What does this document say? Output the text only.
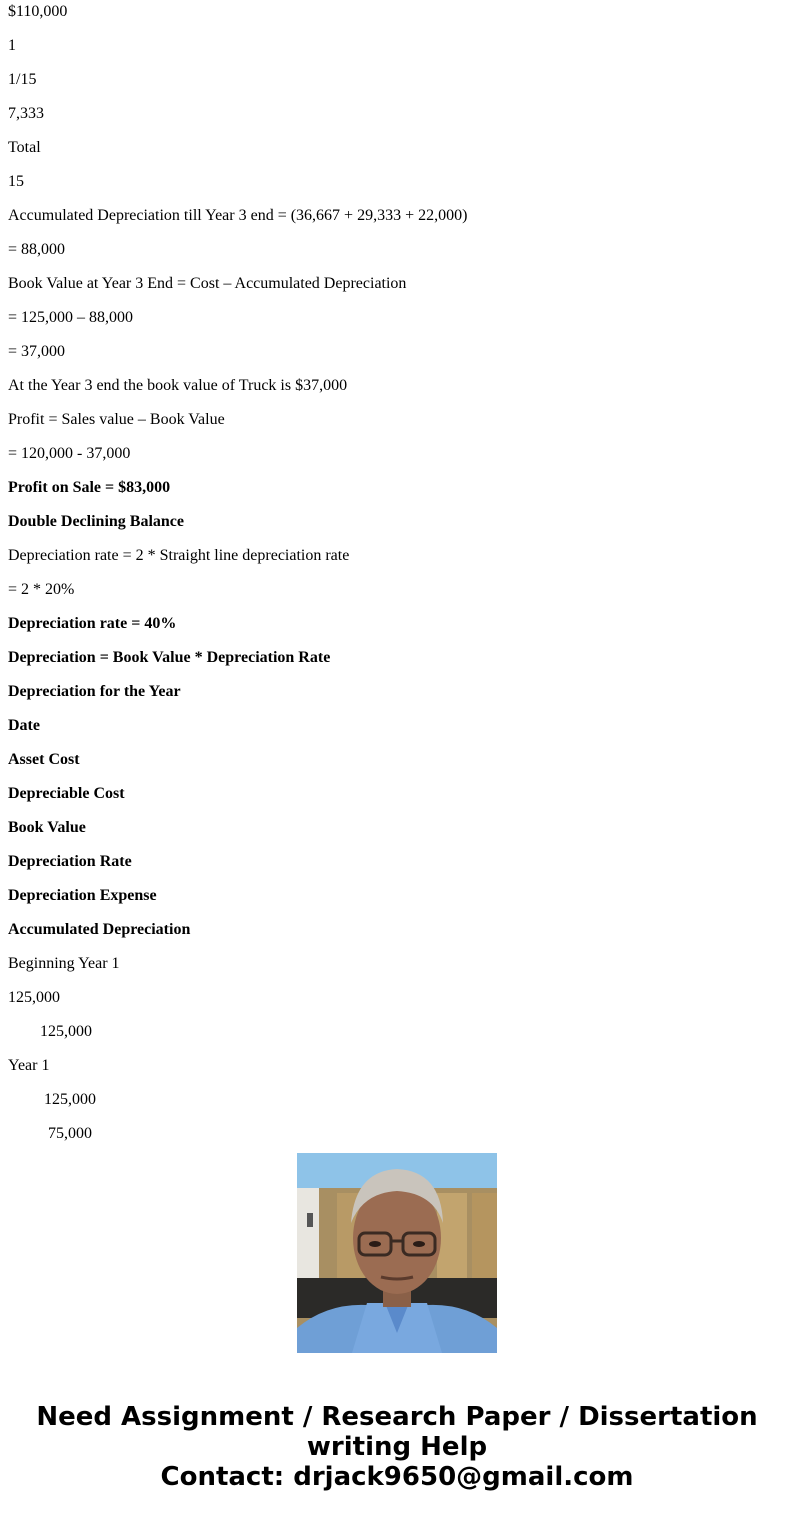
$110,000

1

1/15

7,333

Total

15

Accumulated Depreciation till Year 3 end = (36,667 + 29,333 + 22,000)

= 88,000

Book Value at Year 3 End = Cost – Accumulated Depreciation

= 125,000 – 88,000

= 37,000

At the Year 3 end the book value of Truck is $37,000

Profit = Sales value – Book Value

= 120,000 - 37,000

Profit on Sale = $83,000

Double Declining Balance

Depreciation rate = 2 * Straight line depreciation rate

= 2 * 20%

Depreciation rate = 40%

Depreciation = Book Value * Depreciation Rate

Depreciation for the Year

Date

Asset Cost

Depreciable Cost

Book Value

Depreciation Rate

Depreciation Expense

Accumulated Depreciation

Beginning Year 1

125,000

125,000

Year 1

125,000

75,000

Need Assignment / Research Paper / Dissertation
writing Help
Contact: drjack9650@gmail.com
